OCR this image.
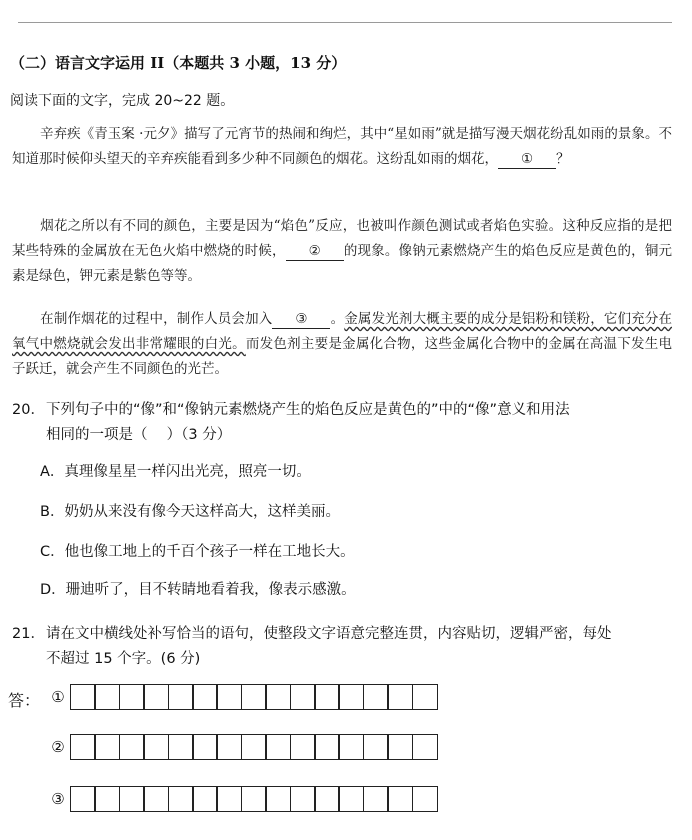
（二）语言文字运用 II（本题共 3 小题，13 分）
阅读下面的文字，完成 20~22 题。
辛弃疾《青玉案 ·元夕》描写了元宵节的热闹和绚烂，其中“星如雨”就是描写漫天烟花纷乱如雨的景象。不知道那时候仰头望天的辛弃疾能看到多少种不同颜色的烟花。这纷乱如雨的烟花， ① ？
烟花之所以有不同的颜色，主要是因为“焰色”反应，也被叫作颜色测试或者焰色实验。这种反应指的是把某些特殊的金属放在无色火焰中燃烧的时候， ② 的现象。像钠元素燃烧产生的焰色反应是黄色的，铜元素是绿色，钾元素是紫色等等。
在制作烟花的过程中，制作人员会加入 ③ 。金属发光剂大概主要的成分是铝粉和镁粉，它们充分在氧气中燃烧就会发出非常耀眼的白光。而发色剂主要是金属化合物，这些金属化合物中的金属在高温下发生电子跃迁，就会产生不同颜色的光芒。
20．下列句子中的“像”和“像钠元素燃烧产生的焰色反应是黄色的”中的“像”意义和用法
相同的一项是（　 ）（3 分）
A．真理像星星一样闪出光亮，照亮一切。
B．奶奶从来没有像今天这样高大，这样美丽。
C．他也像工地上的千百个孩子一样在工地长大。
D．珊迪听了，目不转睛地看着我，像表示感激。
21．请在文中横线处补写恰当的语句，使整段文字语意完整连贯，内容贴切，逻辑严密，每处
不超过 15 个字。(6 分)
答： ①
②
③
